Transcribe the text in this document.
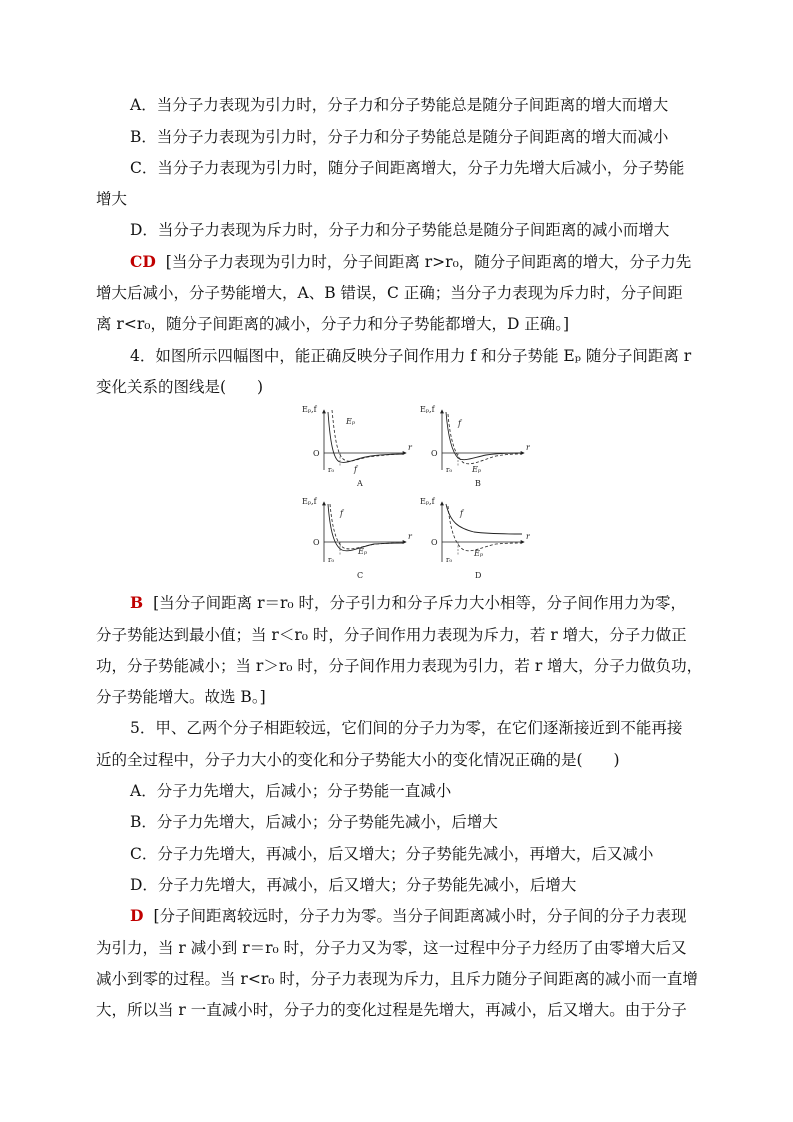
A．当分子力表现为引力时，分子力和分子势能总是随分子间距离的增大而增大
B．当分子力表现为引力时，分子力和分子势能总是随分子间距离的增大而减小
C．当分子力表现为引力时，随分子间距离增大，分子力先增大后减小，分子势能
增大
D．当分子力表现为斥力时，分子力和分子势能总是随分子间距离的减小而增大
CD [当分子力表现为引力时，分子间距离 r>r₀，随分子间距离的增大，分子力先
增大后减小，分子势能增大，A、B 错误，C 正确；当分子力表现为斥力时，分子间距
离 r<r₀，随分子间距离的减小，分子力和分子势能都增大，D 正确。]
4．如图所示四幅图中，能正确反映分子间作用力 f 和分子势能 Eₚ 随分子间距离 r
变化关系的图线是(　　)
Eₚ,f
r
O
r₀
Eₚ
f
A
Eₚ,f
r
O
r₀
f
Eₚ
B
Eₚ,f
r
O
r₀
f
Eₚ
C
Eₚ,f
r
O
r₀
f
Eₚ
D
B [当分子间距离 r＝r₀ 时，分子引力和分子斥力大小相等，分子间作用力为零，
分子势能达到最小值；当 r＜r₀ 时，分子间作用力表现为斥力，若 r 增大，分子力做正
功，分子势能减小；当 r＞r₀ 时，分子间作用力表现为引力，若 r 增大，分子力做负功，
分子势能增大。故选 B。]
5．甲、乙两个分子相距较远，它们间的分子力为零，在它们逐渐接近到不能再接
近的全过程中，分子力大小的变化和分子势能大小的变化情况正确的是(　　)
A．分子力先增大，后减小；分子势能一直减小
B．分子力先增大，后减小；分子势能先减小，后增大
C．分子力先增大，再减小，后又增大；分子势能先减小，再增大，后又减小
D．分子力先增大，再减小，后又增大；分子势能先减小，后增大
D [分子间距离较远时，分子力为零。当分子间距离减小时，分子间的分子力表现
为引力，当 r 减小到 r＝r₀ 时，分子力又为零，这一过程中分子力经历了由零增大后又
减小到零的过程。当 r<r₀ 时，分子力表现为斥力，且斥力随分子间距离的减小而一直增
大，所以当 r 一直减小时，分子力的变化过程是先增大，再减小，后又增大。由于分子
